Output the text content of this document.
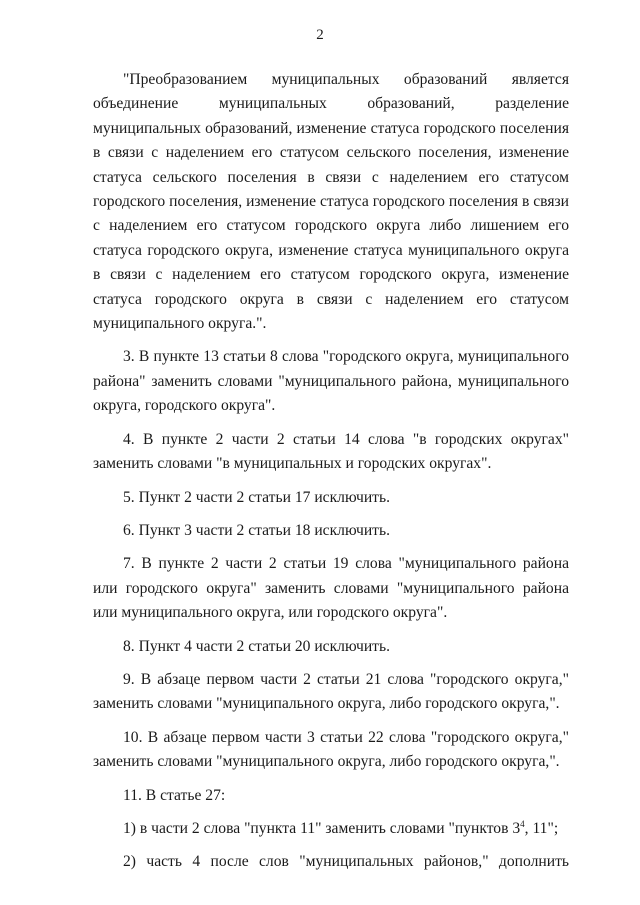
2

"Преобразованием муниципальных образований является объединение муниципальных образований, разделение муниципальных образований, изменение статуса городского поселения в связи с наделением его статусом сельского поселения, изменение статуса сельского поселения в связи с наделением его статусом городского поселения, изменение статуса городского поселения в связи с наделением его статусом городского округа либо лишением его статуса городского округа, изменение статуса муниципального округа в связи с наделением его статусом городского округа, изменение статуса городского округа в связи с наделением его статусом муниципального округа.".

3. В пункте 13 статьи 8 слова "городского округа, муниципального района" заменить словами "муниципального района, муниципального округа, городского округа".

4. В пункте 2 части 2 статьи 14 слова "в городских округах" заменить словами "в муниципальных и городских округах".

5. Пункт 2 части 2 статьи 17 исключить.

6. Пункт 3 части 2 статьи 18 исключить.

7. В пункте 2 части 2 статьи 19 слова "муниципального района или городского округа" заменить словами "муниципального района или муниципального округа, или городского округа".

8. Пункт 4 части 2 статьи 20 исключить.

9. В абзаце первом части 2 статьи 21 слова "городского округа," заменить словами "муниципального округа, либо городского округа,".

10. В абзаце первом части 3 статьи 22 слова "городского округа," заменить словами "муниципального округа, либо городского округа,".

11. В статье 27:

1) в части 2 слова "пункта 11" заменить словами "пунктов $3^4$, 11";

2) часть 4 после слов "муниципальных районов," дополнить
